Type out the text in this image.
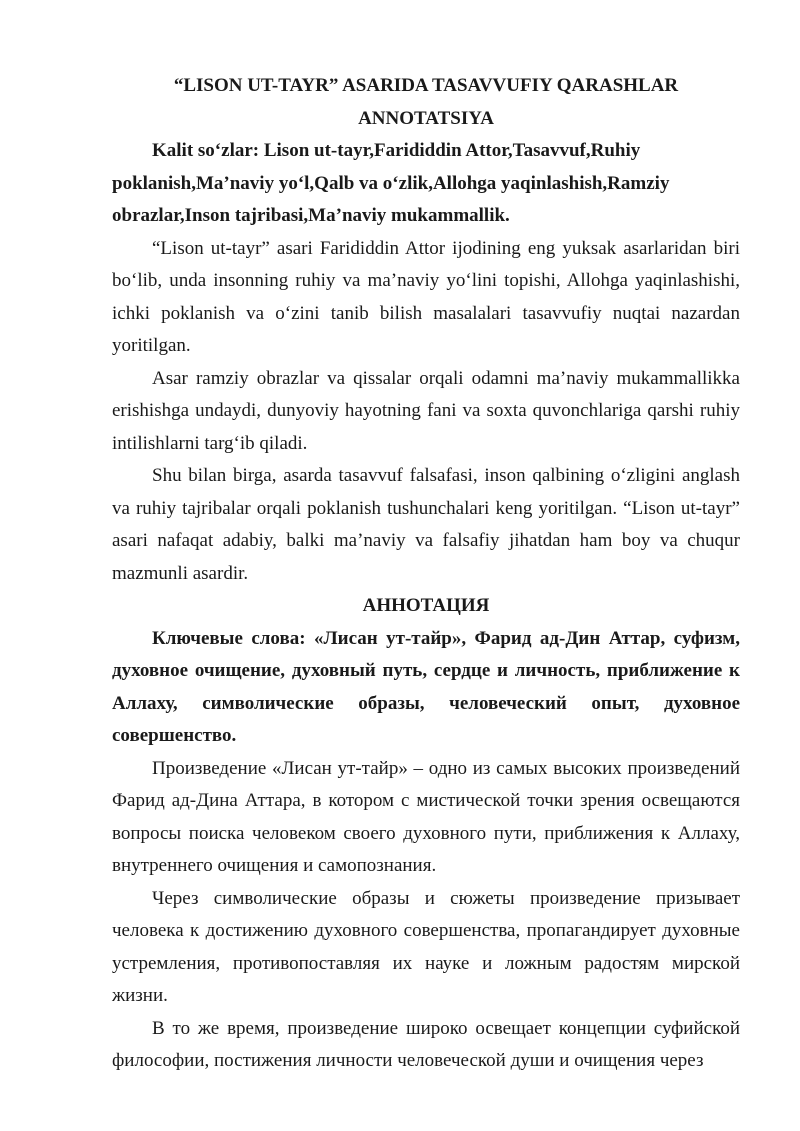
“LISON UT-TAYR” ASARIDA TASAVVUFIY QARASHLAR
ANNOTATSIYA

Kalit so‘zlar: Lison ut-tayr,Farididdin Attor,Tasavvuf,Ruhiy poklanish,Ma’naviy yo‘l,Qalb va o‘zlik,Allohga yaqinlashish,Ramziy obrazlar,Inson tajribasi,Ma’naviy mukammallik.

“Lison ut-tayr” asari Farididdin Attor ijodining eng yuksak asarlaridan biri bo‘lib, unda insonning ruhiy va ma’naviy yo‘lini topishi, Allohga yaqinlashishi, ichki poklanish va o‘zini tanib bilish masalalari tasavvufiy nuqtai nazardan yoritilgan.

Asar ramziy obrazlar va qissalar orqali odamni ma’naviy mukammallikka erishishga undaydi, dunyoviy hayotning fani va soxta quvonchlariga qarshi ruhiy intilishlarni targ‘ib qiladi.

Shu bilan birga, asarda tasavvuf falsafasi, inson qalbining o‘zligini anglash va ruhiy tajribalar orqali poklanish tushunchalari keng yoritilgan. “Lison ut-tayr” asari nafaqat adabiy, balki ma’naviy va falsafiy jihatdan ham boy va chuqur mazmunli asardir.

АННОТАЦИЯ

Ключевые слова: «Лисан ут-тайр», Фарид ад-Дин Аттар, суфизм, духовное очищение, духовный путь, сердце и личность, приближение к Аллаху, символические образы, человеческий опыт, духовное совершенство.

Произведение «Лисан ут-тайр» – одно из самых высоких произведений Фарид ад-Дина Аттара, в котором с мистической точки зрения освещаются вопросы поиска человеком своего духовного пути, приближения к Аллаху, внутреннего очищения и самопознания.

Через символические образы и сюжеты произведение призывает человека к достижению духовного совершенства, пропагандирует духовные устремления, противопоставляя их науке и ложным радостям мирской жизни.

В то же время, произведение широко освещает концепции суфийской философии, постижения личности человеческой души и очищения через
